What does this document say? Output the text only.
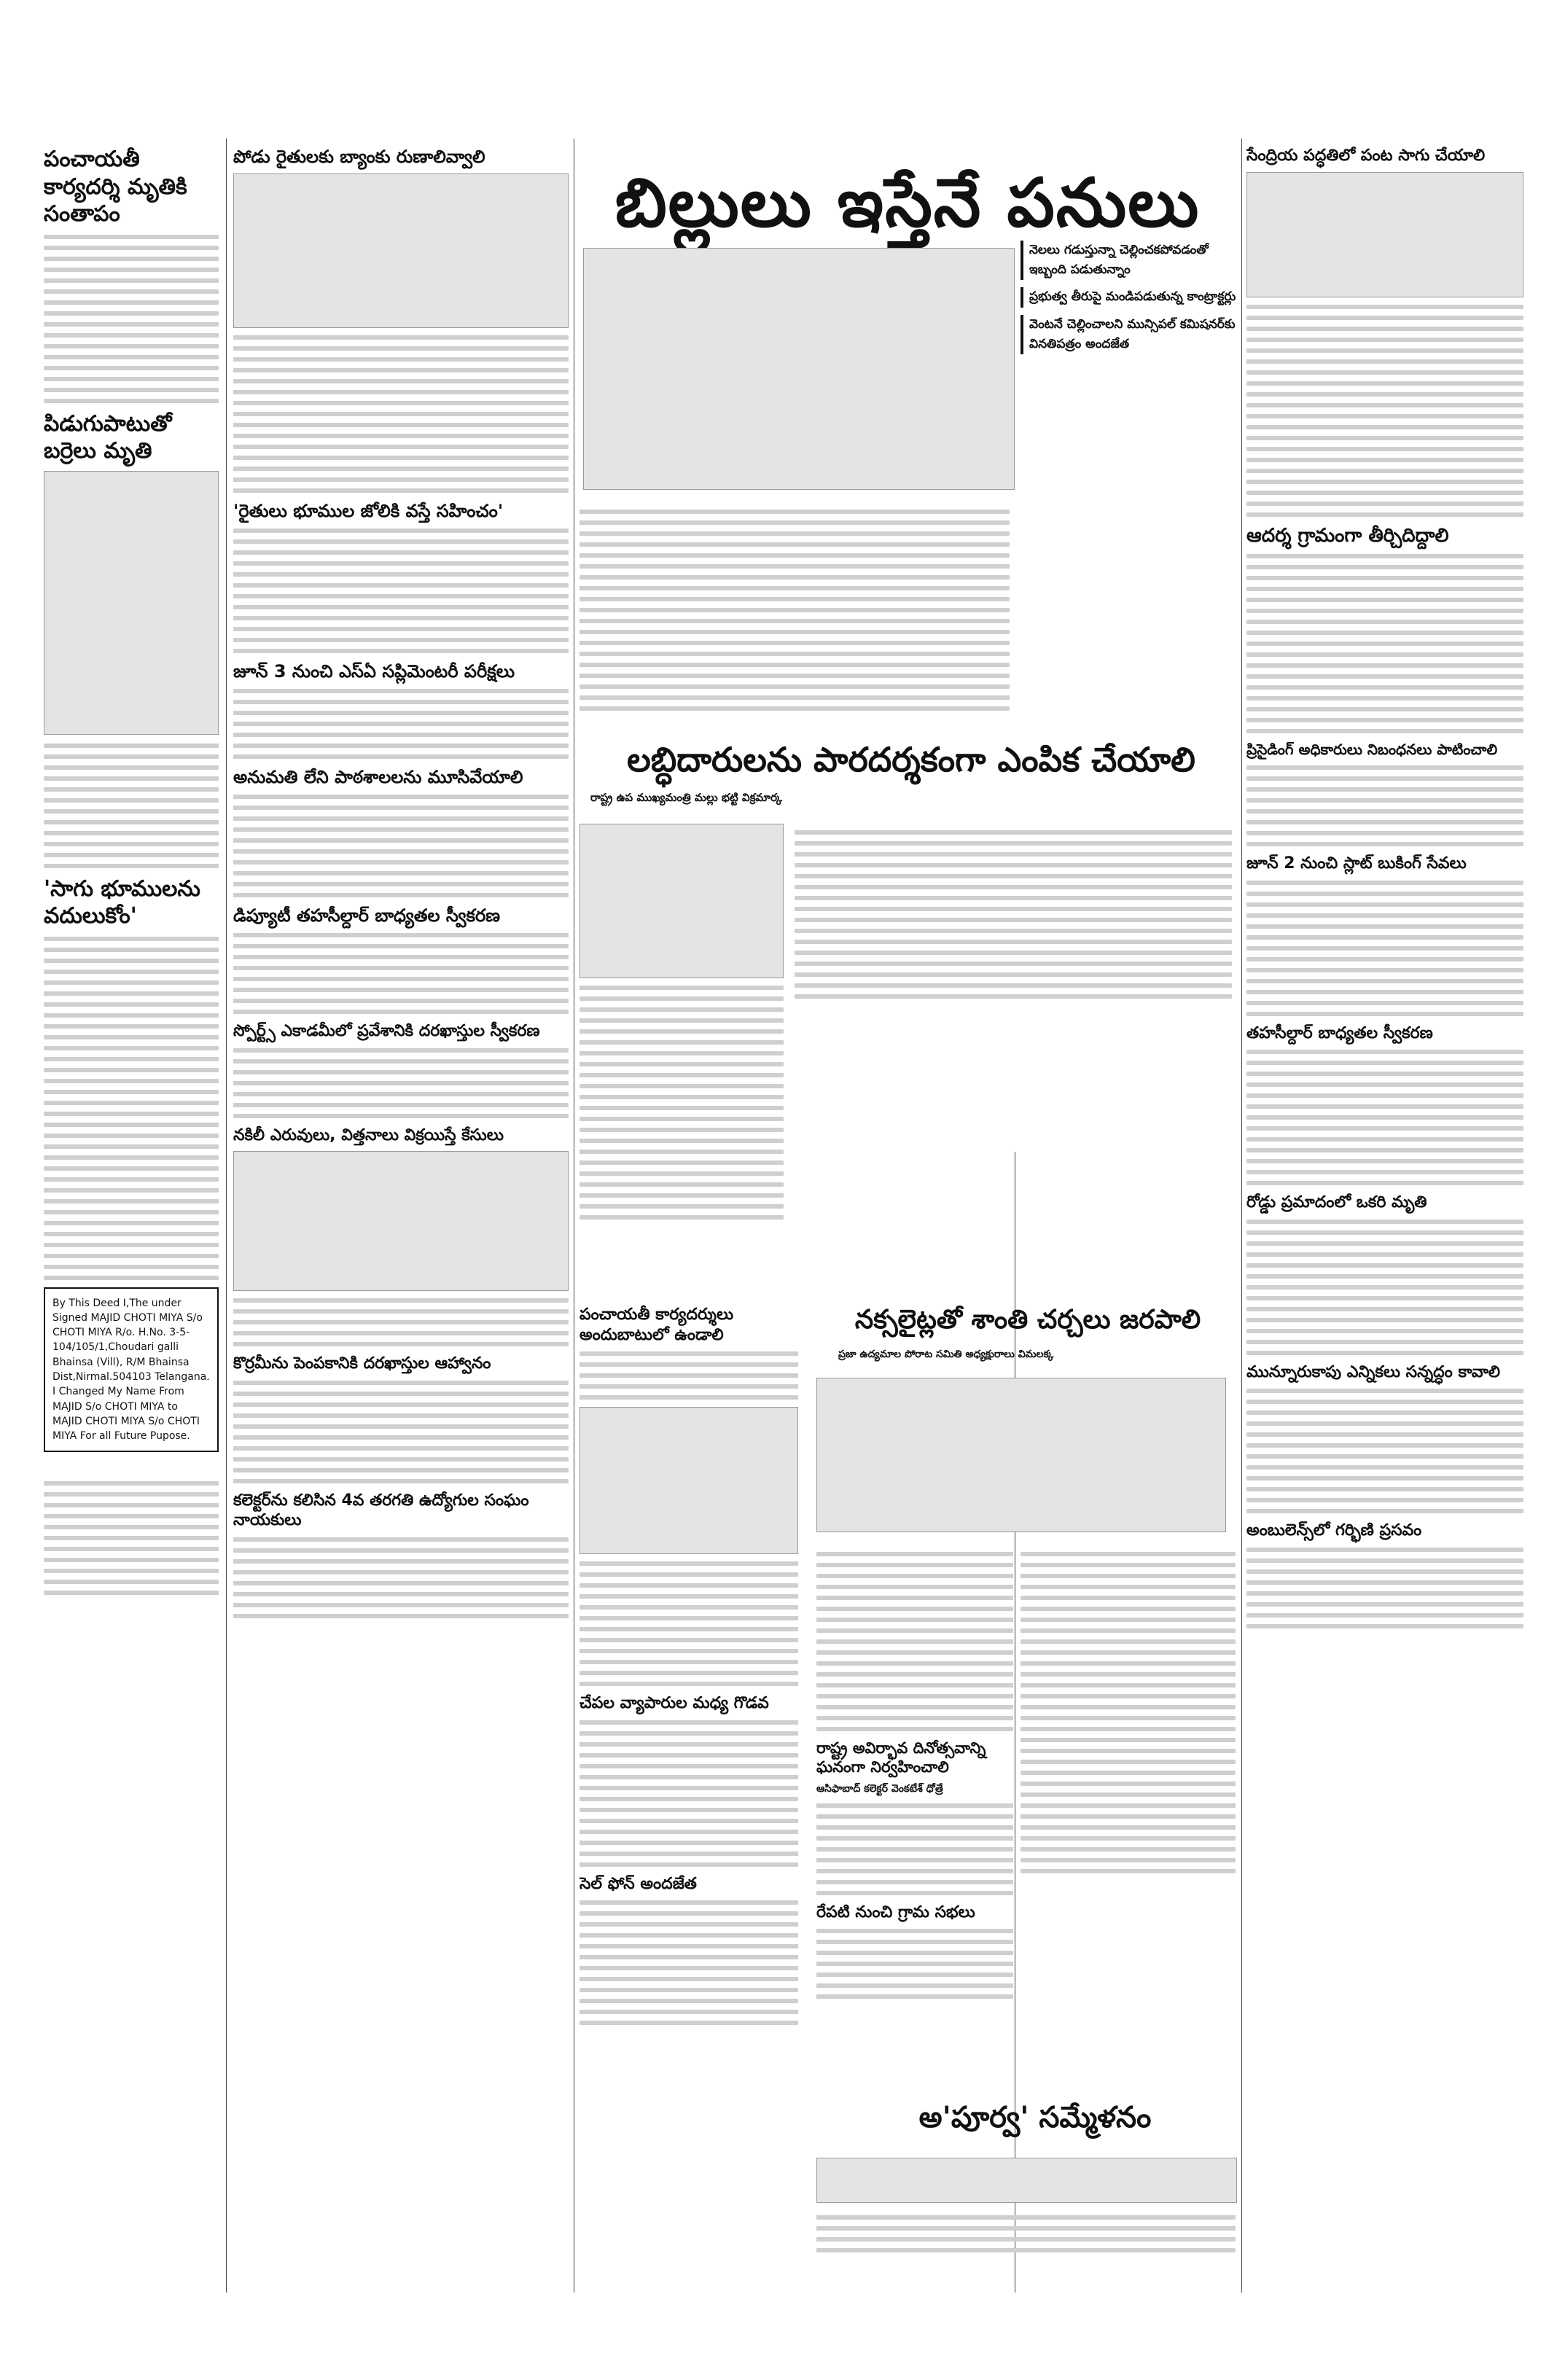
బిల్లులు ఇస్తేనే పనులు
నెలలు గడుస్తున్నా చెల్లించకపోవడంతో ఇబ్బంది పడుతున్నాం
ప్రభుత్వ తీరుపై మండిపడుతున్న కాంట్రాక్టర్లు
వెంటనే చెల్లించాలని మున్సిపల్ కమిషనర్‌కు వినతిపత్రం అందజేత
పంచాయతీ కార్యదర్శి మృతికి సంతాపం
పిడుగుపాటుతో బర్రెలు మృతి
'సాగు భూములను వదులుకోం'
By This Deed I,The under Signed MAJID CHOTI MIYA S/o CHOTI MIYA R/o. H.No. 3-5-104/105/1,Choudari galli Bhainsa (Vill), R/M Bhainsa Dist,Nirmal.504103 Telangana. I Changed My Name From MAJID S/o CHOTI MIYA to MAJID CHOTI MIYA S/o CHOTI MIYA For all Future Pupose.
పోడు రైతులకు బ్యాంకు రుణాలివ్వాలి
'రైతులు భూముల జోలికి వస్తే సహించం'
జూన్ 3 నుంచి ఎస్ఏ సప్లిమెంటరీ పరీక్షలు
అనుమతి లేని పాఠశాలలను మూసివేయాలి
డిప్యూటీ తహసీల్దార్ బాధ్యతల స్వీకరణ
స్పోర్ట్స్ ఎకాడమీలో ప్రవేశానికి దరఖాస్తుల స్వీకరణ
నకిలీ ఎరువులు, విత్తనాలు విక్రయిస్తే కేసులు
కొర్రమీను పెంపకానికి దరఖాస్తుల ఆహ్వానం
కలెక్టర్‌ను కలిసిన 4వ తరగతి ఉద్యోగుల సంఘం నాయకులు
లబ్ధిదారులను పారదర్శకంగా ఎంపిక చేయాలి
రాష్ట్ర ఉప ముఖ్యమంత్రి మల్లు భట్టి విక్రమార్క
పంచాయతీ కార్యదర్శులు అందుబాటులో ఉండాలి
చేపల వ్యాపారుల మధ్య గొడవ
సెల్ ఫోన్ అందజేత
నక్సలైట్లతో శాంతి చర్చలు జరపాలి
ప్రజా ఉద్యమాల పోరాట సమితి అధ్యక్షురాలు విమలక్క
రాష్ట్ర అవిర్భావ దినోత్సవాన్ని ఘనంగా నిర్వహించాలి
ఆసిఫాబాద్ కలెక్టర్ వెంకటేశ్ ధోత్రే
రేపటి నుంచి గ్రామ సభలు
అ'పూర్వ' సమ్మేళనం
సేంద్రియ పద్ధతిలో పంట సాగు చేయాలి
ఆదర్శ గ్రామంగా తీర్చిదిద్దాలి
ప్రిసైడింగ్ అధికారులు నిబంధనలు పాటించాలి
జూన్ 2 నుంచి స్లాట్ బుకింగ్ సేవలు
తహసీల్దార్ బాధ్యతల స్వీకరణ
రోడ్డు ప్రమాదంలో ఒకరి మృతి
మున్నూరుకాపు ఎన్నికలు సన్నద్ధం కావాలి
అంబులెన్స్‌లో గర్భిణి ప్రసవం
